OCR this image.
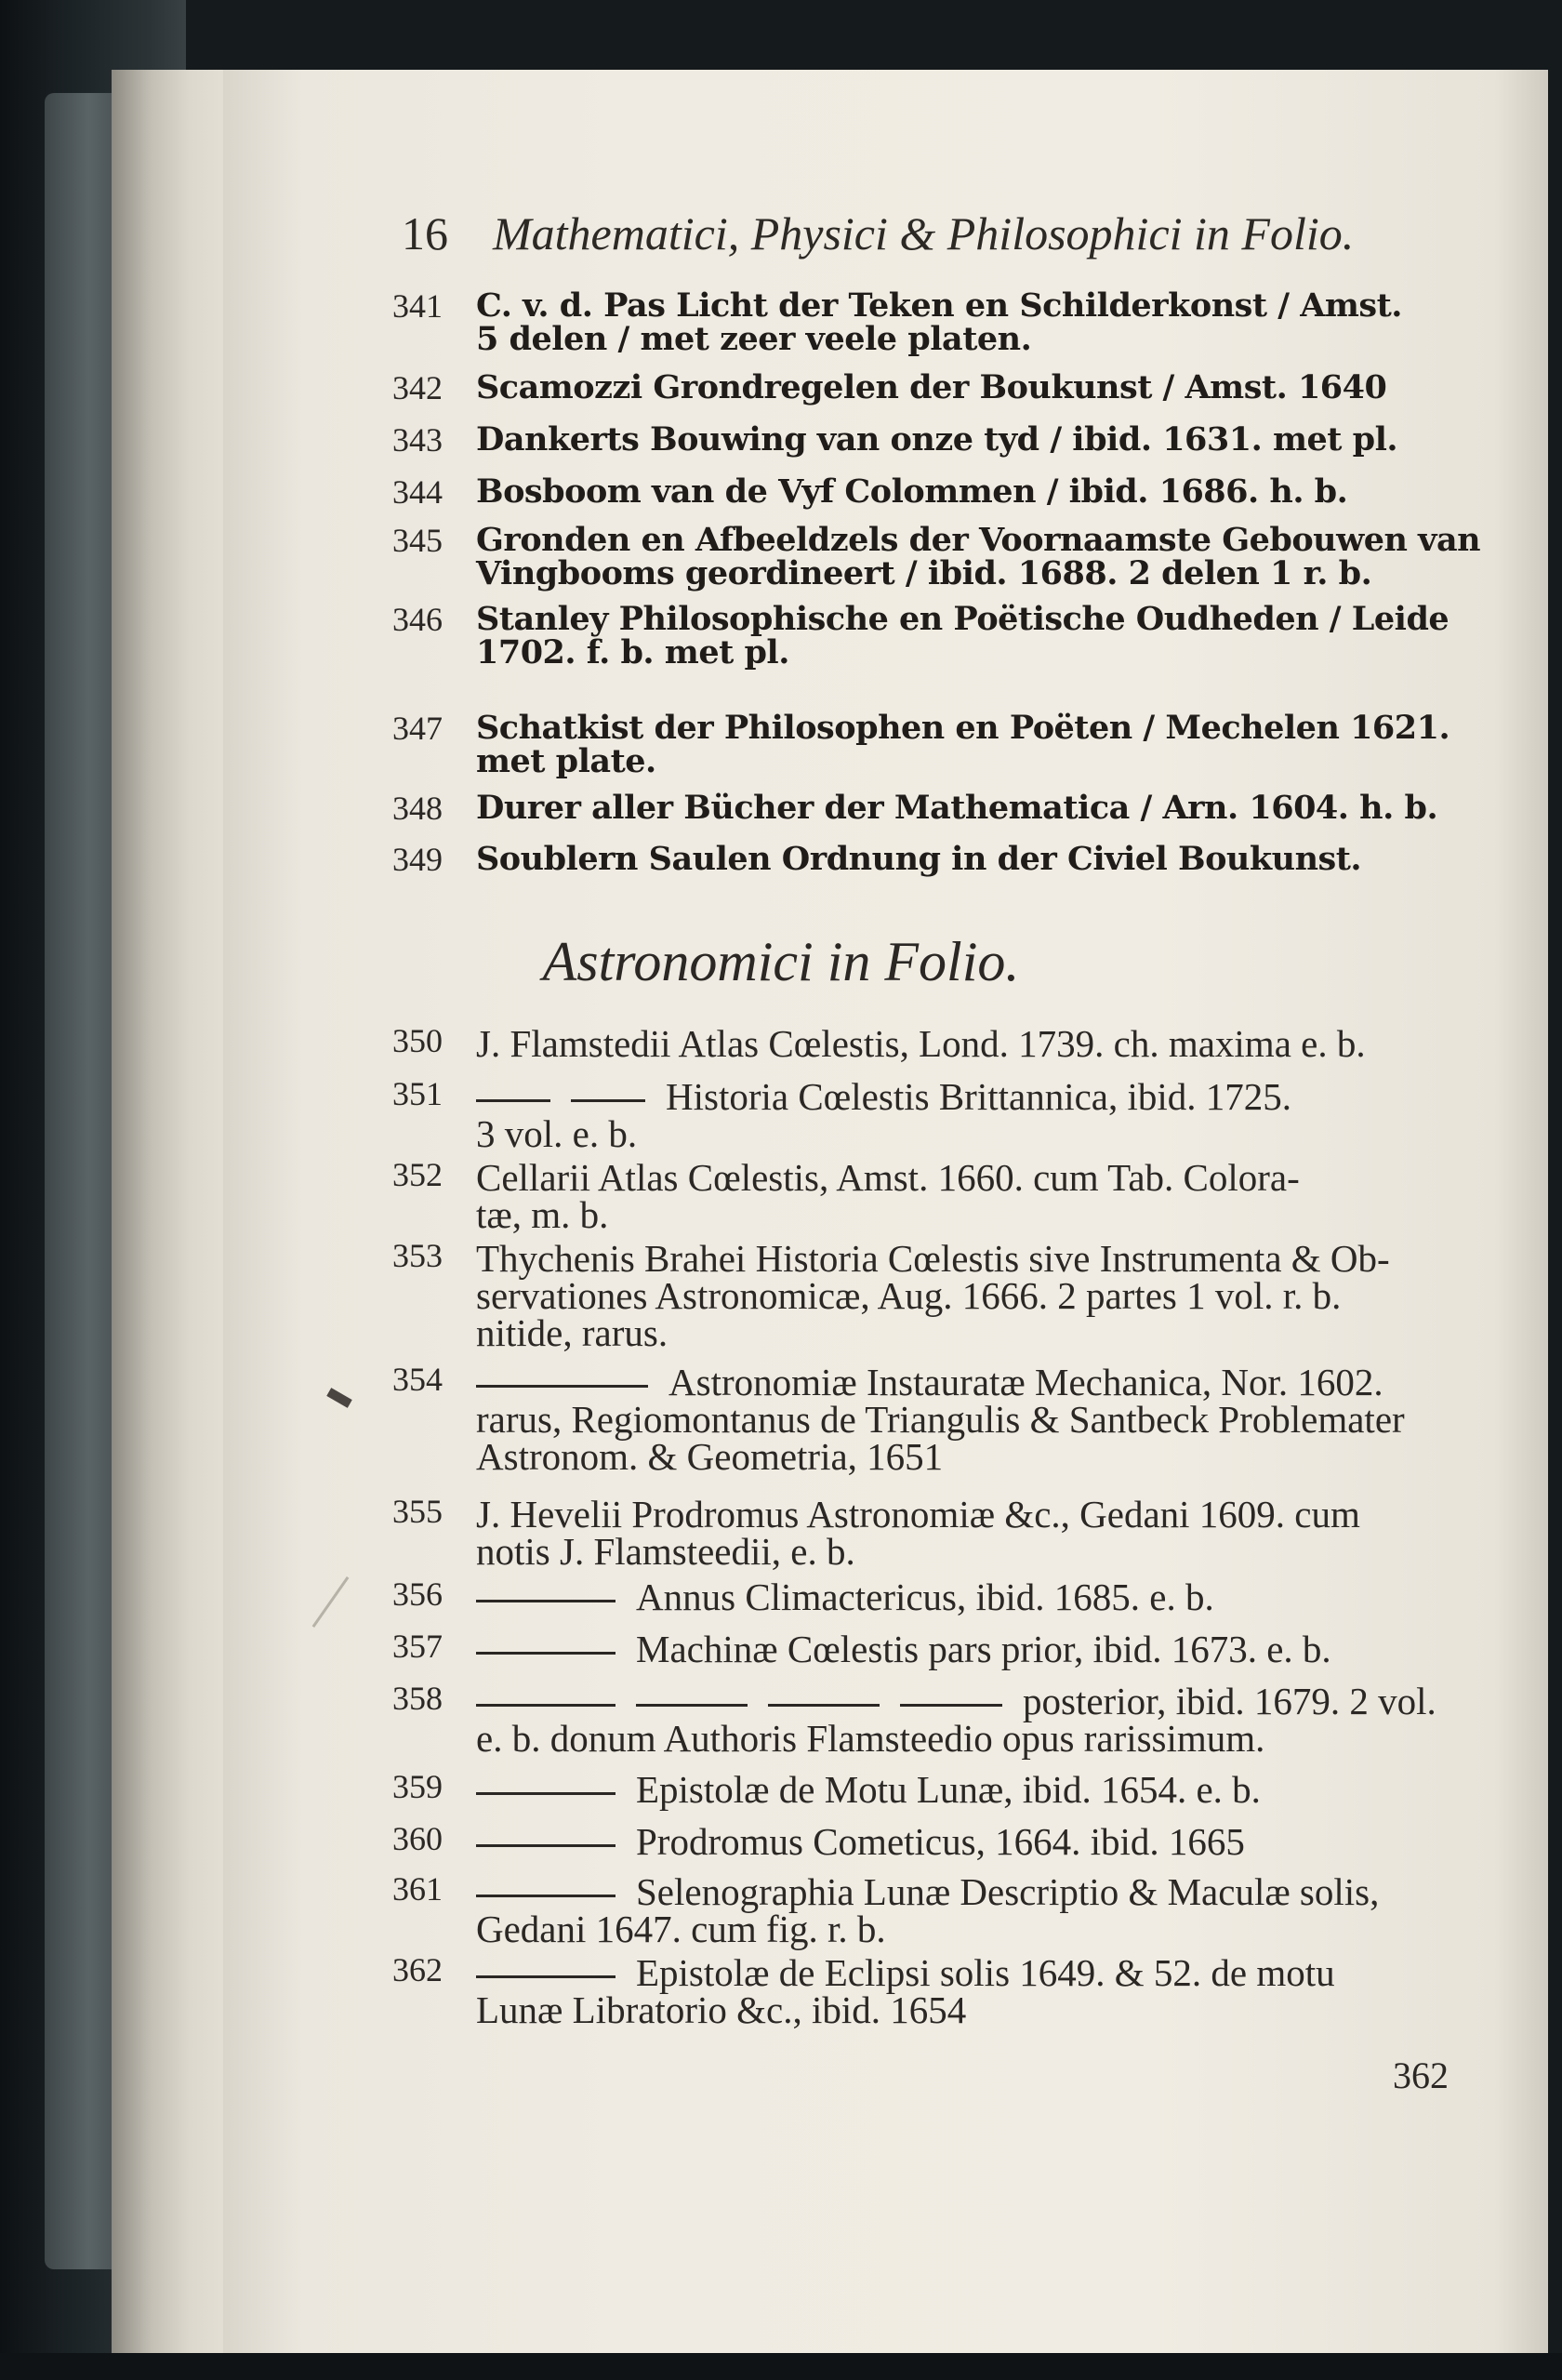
16 Mathematici, Physici & Philosophici in Folio.
341 C. v. d. Pas Licht der Teken en Schilderkonst / Amst.
5 delen / met zeer veele platen.
342 Scamozzi Grondregelen der Boukunst / Amst. 1640
343 Dankerts Bouwing van onze tyd / ibid. 1631. met pl.
344 Bosboom van de Vyf Colommen / ibid. 1686. h. b.
345 Gronden en Afbeeldzels der Voornaamste Gebouwen van
Vingbooms geordineert / ibid. 1688. 2 delen 1 r. b.
346 Stanley Philosophische en Poëtische Oudheden / Leide
1702. f. b. met pl.
347 Schatkist der Philosophen en Poëten / Mechelen 1621.
met plate.
348 Durer aller Bücher der Mathematica / Arn. 1604. h. b.
349 Soublern Saulen Ordnung in der Civiel Boukunst.
Astronomici in Folio.
350 J. Flamstedii Atlas Cœlestis, Lond. 1739. ch. maxima e. b.
351	Historia Cœlestis Brittannica, ibid. 1725.
3 vol. e. b.
352 Cellarii Atlas Cœlestis, Amst. 1660. cum Tab. Colora-
tæ, m. b.
353 Thychenis Brahei Historia Cœlestis sive Instrumenta & Ob-
servationes Astronomicæ, Aug. 1666. 2 partes 1 vol. r. b.
nitide, rarus.
354	Astronomiæ Instauratæ Mechanica, Nor. 1602.
rarus, Regiomontanus de Triangulis & Santbeck Problemater
Astronom. & Geometria, 1651
355 J. Hevelii Prodromus Astronomiæ &c., Gedani 1609. cum
notis J. Flamsteedii, e. b.
356	Annus Climactericus, ibid. 1685. e. b.
357	Machinæ Cœlestis pars prior, ibid. 1673. e. b.
358	posterior, ibid. 1679. 2 vol.
e. b. donum Authoris Flamsteedio opus rarissimum.
359	Epistolæ de Motu Lunæ, ibid. 1654. e. b.
360	Prodromus Cometicus, 1664. ibid. 1665
361	Selenographia Lunæ Descriptio & Maculæ solis,
Gedani 1647. cum fig. r. b.
362	Epistolæ de Eclipsi solis 1649. & 52. de motu
Lunæ Libratorio &c., ibid. 1654
362
